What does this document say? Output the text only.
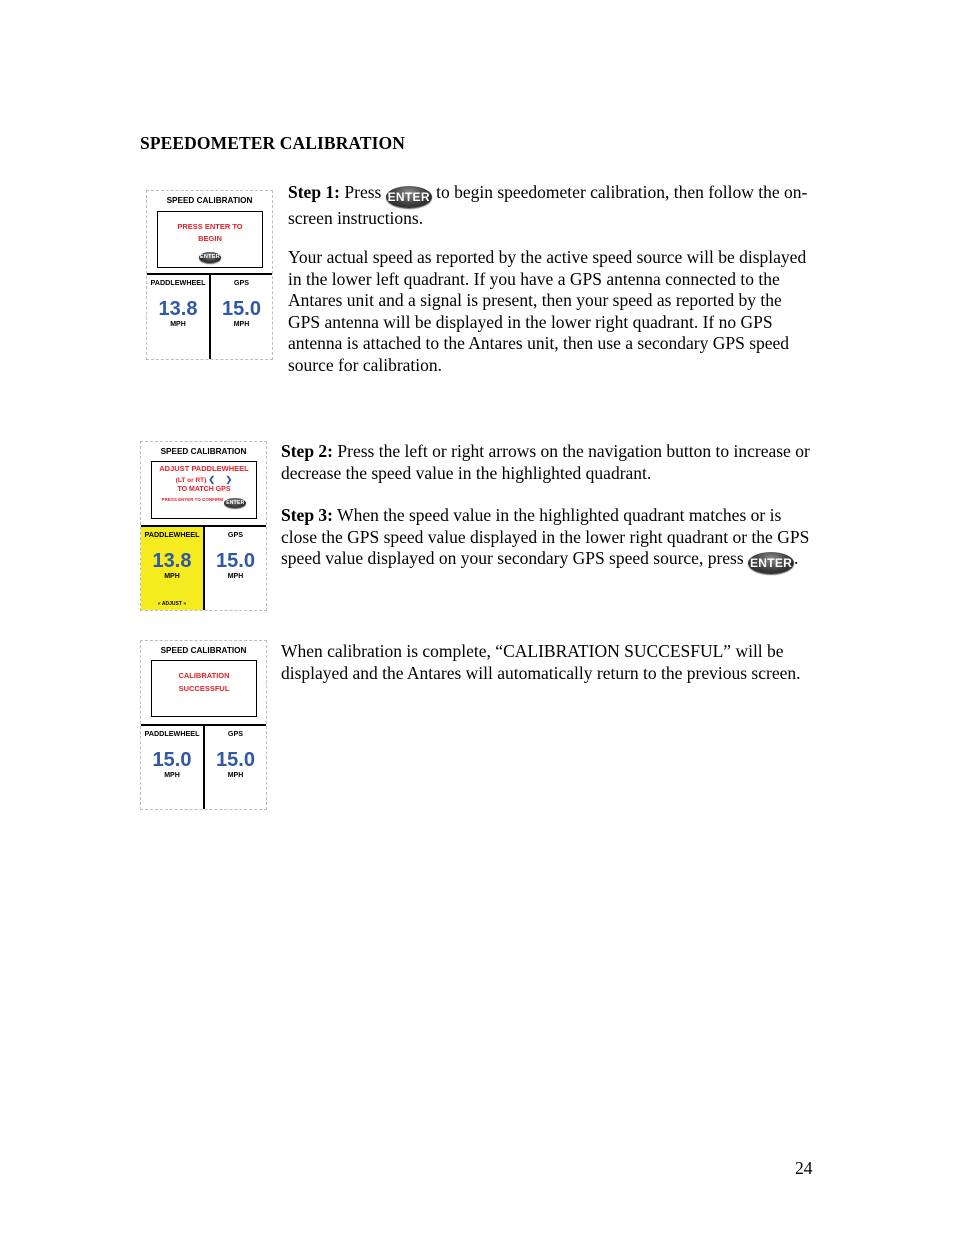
SPEEDOMETER CALIBRATION
SPEED CALIBRATION
PRESS ENTER TO
BEGIN
ENTER
PADDLEWHEEL
13.8
MPH
GPS
15.0
MPH
Step 1: Press ENTER to begin speedometer calibration, then follow the on-screen instructions.
Your actual speed as reported by the active speed source will be displayed in the lower left quadrant. If you have a GPS antenna connected to the Antares unit and a signal is present, then your speed as reported by the GPS antenna will be displayed in the lower right quadrant. If no GPS antenna is attached to the Antares unit, then use a secondary GPS speed source for calibration.
SPEED CALIBRATION
ADJUST PADDLEWHEEL
(LT or RT) ❮ ❯
TO MATCH GPS
PRESS ENTER TO CONFIRM ENTER
PADDLEWHEEL
13.8
MPH
« ADJUST »
GPS
15.0
MPH
Step 2: Press the left or right arrows on the navigation button to increase or decrease the speed value in the highlighted quadrant.
Step 3: When the speed value in the highlighted quadrant matches or is close the GPS speed value displayed in the lower right quadrant or the GPS speed value displayed on your secondary GPS speed source, press ENTER .
SPEED CALIBRATION
CALIBRATION
SUCCESSFUL
PADDLEWHEEL
15.0
MPH
GPS
15.0
MPH
When calibration is complete, “CALIBRATION SUCCESFUL” will be displayed and the Antares will automatically return to the previous screen.
24
